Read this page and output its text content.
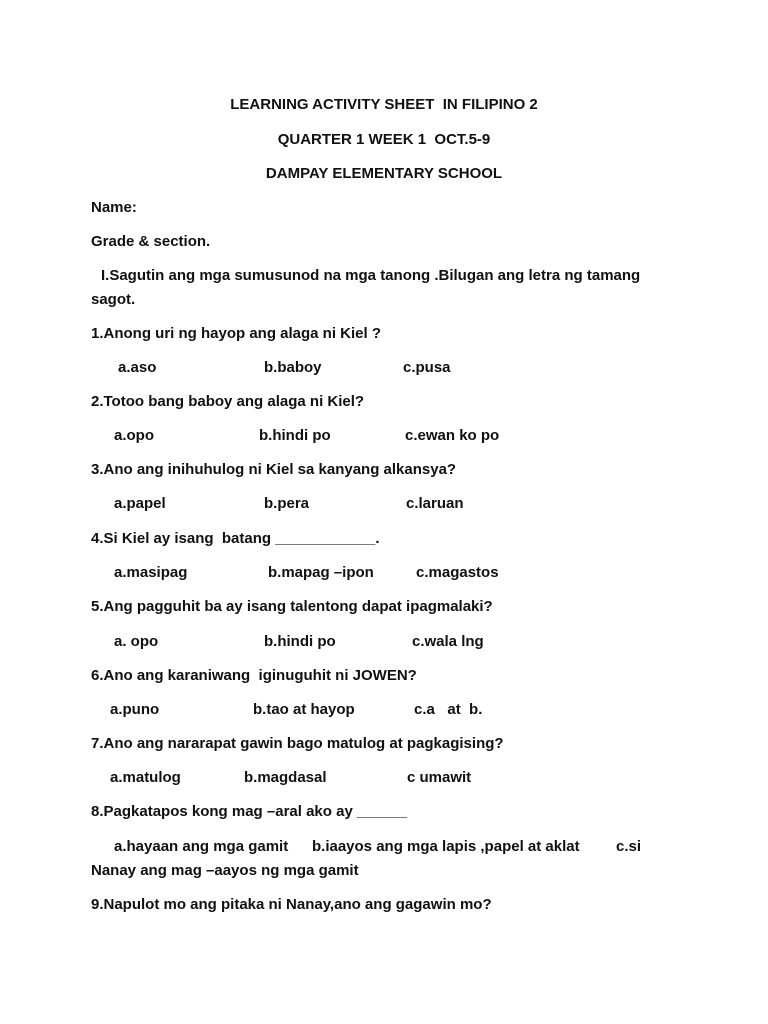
LEARNING ACTIVITY SHEET  IN FILIPINO 2
QUARTER 1 WEEK 1  OCT.5-9
DAMPAY ELEMENTARY SCHOOL
Name:
Grade & section.
I.Sagutin ang mga sumusunod na mga tanong .Bilugan ang letra ng tamang
sagot.
1.Anong uri ng hayop ang alaga ni Kiel ?
a.aso	b.baboy	c.pusa
2.Totoo bang baboy ang alaga ni Kiel?
a.opo	b.hindi po	c.ewan ko po
3.Ano ang inihuhulog ni Kiel sa kanyang alkansya?
a.papel	b.pera	c.laruan
4.Si Kiel ay isang  batang ____________.
a.masipag	b.mapag –ipon	c.magastos
5.Ang pagguhit ba ay isang talentong dapat ipagmalaki?
a. opo	b.hindi po	c.wala lng
6.Ano ang karaniwang  iginuguhit ni JOWEN?
a.puno	b.tao at hayop	c.a   at  b.
7.Ano ang nararapat gawin bago matulog at pagkagising?
a.matulog	b.magdasal	c umawit
8.Pagkatapos kong mag –aral ako ay ______
a.hayaan ang mga gamit b.iaayos ang mga lapis ,papel at aklat c.si
Nanay ang mag –aayos ng mga gamit
9.Napulot mo ang pitaka ni Nanay,ano ang gagawin mo?
